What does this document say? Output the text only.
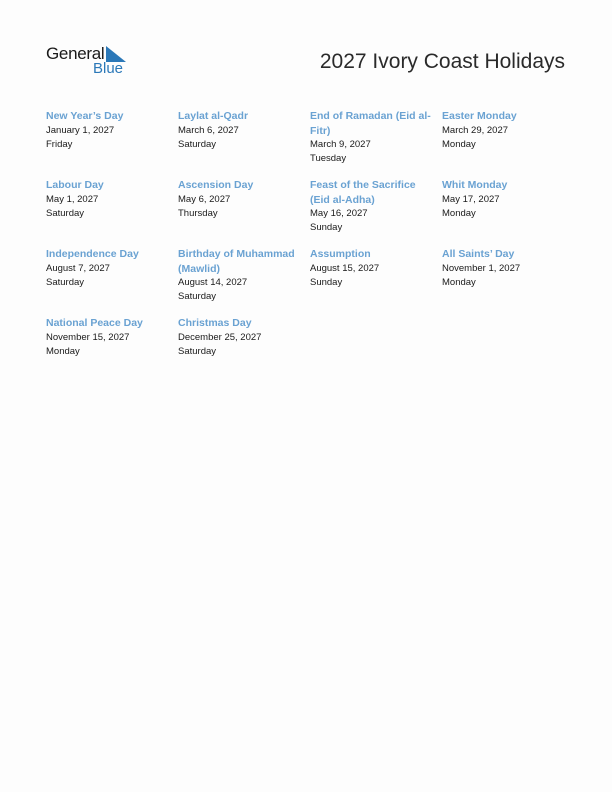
General
Blue	2027 Ivory Coast Holidays
New Year’s Day
January 1, 2027
Friday
Laylat al-Qadr
March 6, 2027
Saturday
End of Ramadan (Eid al-Fitr)
March 9, 2027
Tuesday
Easter Monday
March 29, 2027
Monday
Labour Day
May 1, 2027
Saturday
Ascension Day
May 6, 2027
Thursday
Feast of the Sacrifice (Eid al-Adha)
May 16, 2027
Sunday
Whit Monday
May 17, 2027
Monday
Independence Day
August 7, 2027
Saturday
Birthday of Muhammad (Mawlid)
August 14, 2027
Saturday
Assumption
August 15, 2027
Sunday
All Saints’ Day
November 1, 2027
Monday
National Peace Day
November 15, 2027
Monday
Christmas Day
December 25, 2027
Saturday
